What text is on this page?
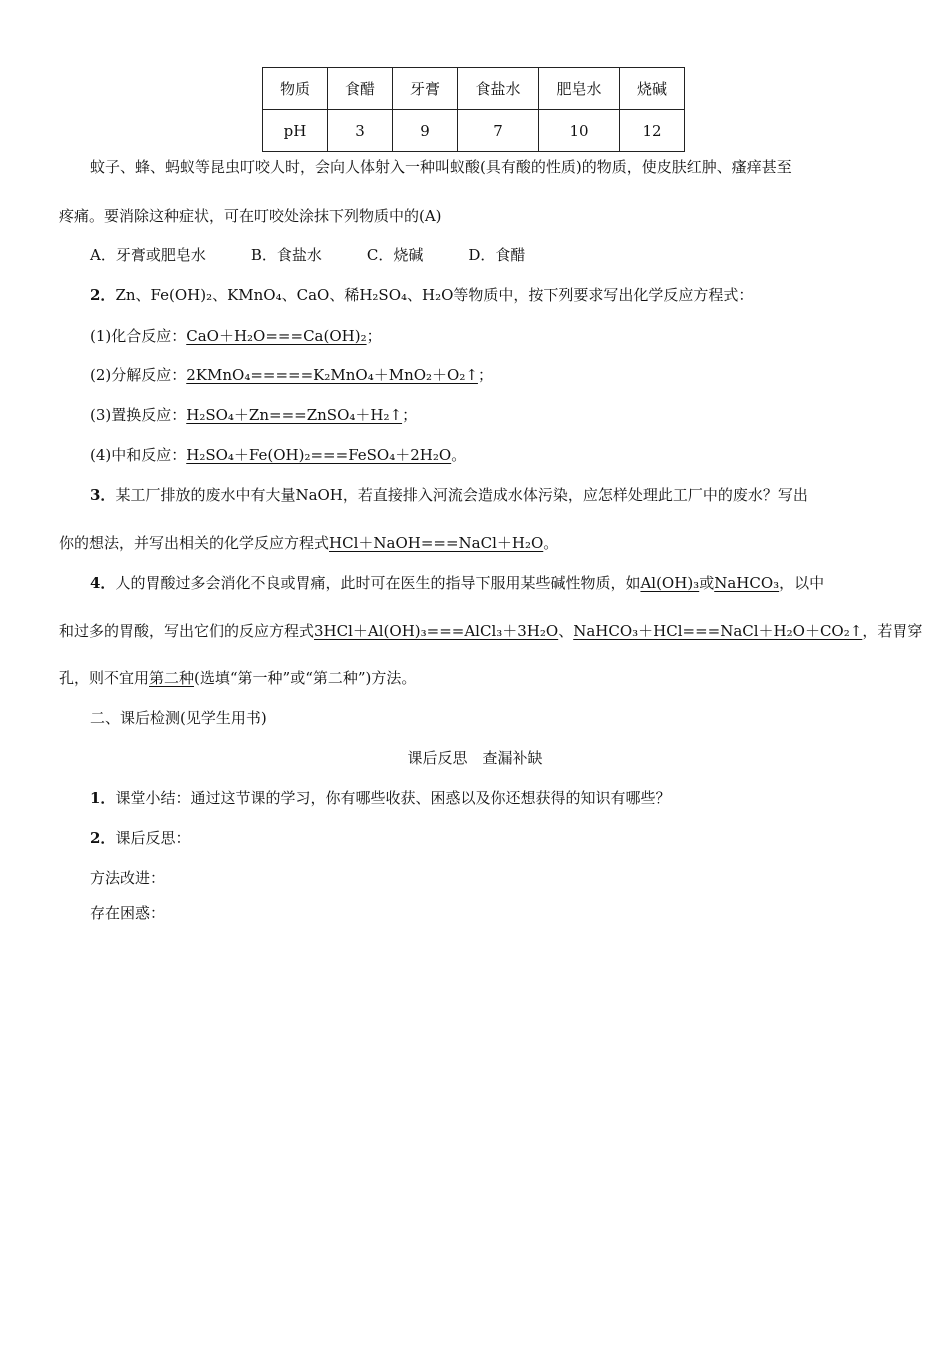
物质	食醋	牙膏	食盐水	肥皂水	烧碱
pH	3	9	7	10	12
蚊子、蜂、蚂蚁等昆虫叮咬人时，会向人体射入一种叫蚁酸(具有酸的性质)的物质，使皮肤红肿、瘙痒甚至
疼痛。要消除这种症状，可在叮咬处涂抹下列物质中的(A)
A．牙膏或肥皂水　　　B．食盐水　　　C．烧碱　　　D．食醋
2．Zn、Fe(OH)₂、KMnO₄、CaO、稀H₂SO₄、H₂O等物质中，按下列要求写出化学反应方程式：
(1)化合反应：CaO＋H₂O===Ca(OH)₂；
(2)分解反应：2KMnO₄=====K₂MnO₄＋MnO₂＋O₂↑；
(3)置换反应：H₂SO₄＋Zn===ZnSO₄＋H₂↑；
(4)中和反应：H₂SO₄＋Fe(OH)₂===FeSO₄＋2H₂O。
3．某工厂排放的废水中有大量NaOH，若直接排入河流会造成水体污染，应怎样处理此工厂中的废水？写出
你的想法，并写出相关的化学反应方程式HCl＋NaOH===NaCl＋H₂O。
4．人的胃酸过多会消化不良或胃痛，此时可在医生的指导下服用某些碱性物质，如Al(OH)₃或NaHCO₃，以中
和过多的胃酸，写出它们的反应方程式3HCl＋Al(OH)₃===AlCl₃＋3H₂O、NaHCO₃＋HCl===NaCl＋H₂O＋CO₂↑，若胃穿
孔，则不宜用第二种(选填“第一种”或“第二种”)方法。
二、课后检测(见学生用书)
课后反思　查漏补缺
1．课堂小结：通过这节课的学习，你有哪些收获、困惑以及你还想获得的知识有哪些？
2．课后反思：
方法改进：
存在困惑：
